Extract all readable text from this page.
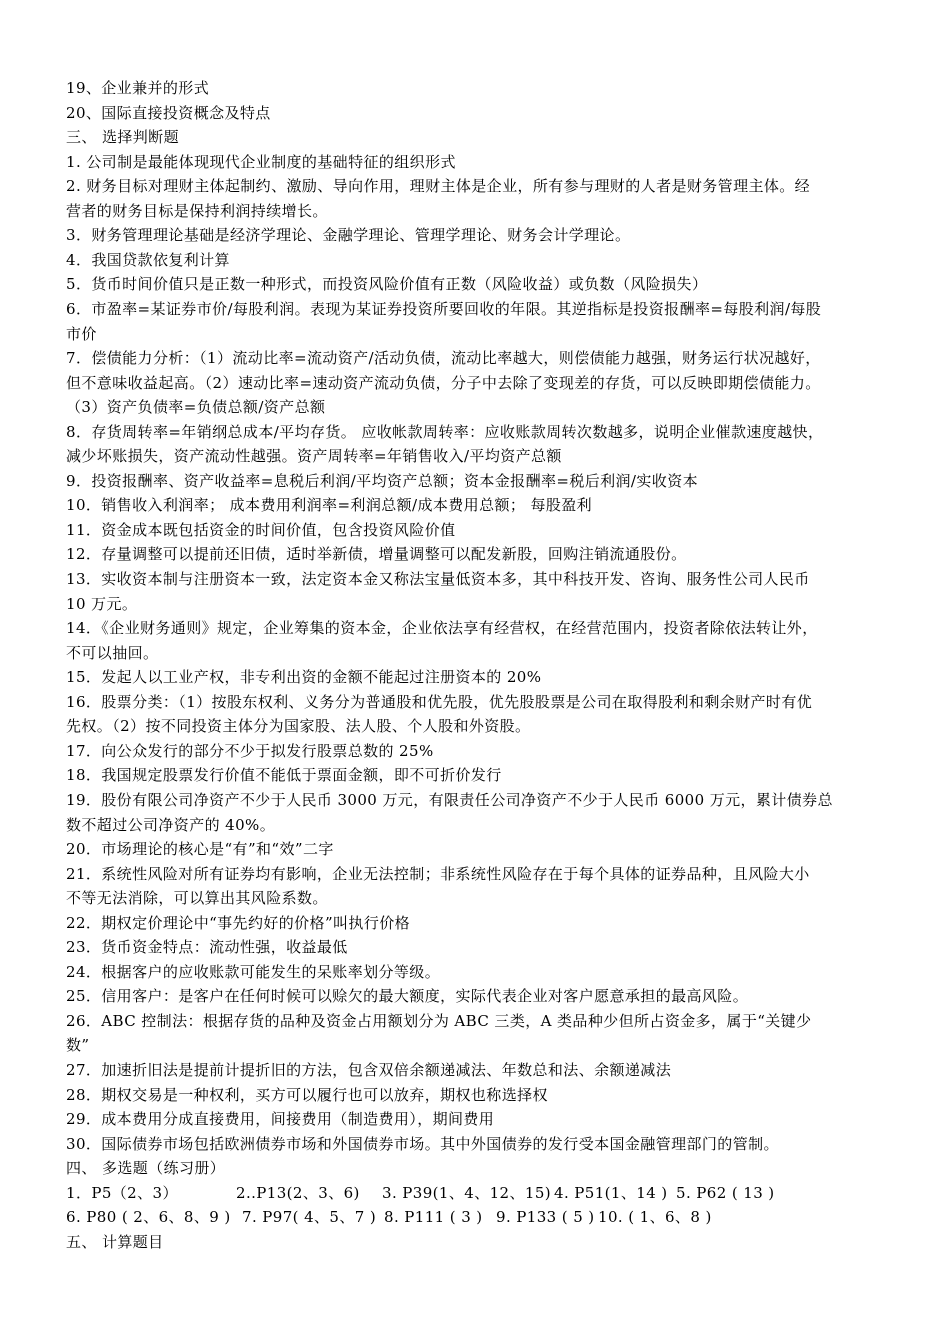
19、企业兼并的形式
20、国际直接投资概念及特点
三、 选择判断题
1. 公司制是最能体现现代企业制度的基础特征的组织形式
2. 财务目标对理财主体起制约、激励、导向作用，理财主体是企业，所有参与理财的人者是财务管理主体。经
营者的财务目标是保持利润持续增长。
3．财务管理理论基础是经济学理论、金融学理论、管理学理论、财务会计学理论。
4．我国贷款依复利计算
5．货币时间价值只是正数一种形式，而投资风险价值有正数（风险收益）或负数（风险损失）
6．市盈率=某证券市价/每股利润。表现为某证券投资所要回收的年限。其逆指标是投资报酬率=每股利润/每股
市价
7．偿债能力分析：（1）流动比率=流动资产/活动负债，流动比率越大，则偿债能力越强，财务运行状况越好，
但不意味收益起高。（2）速动比率=速动资产流动负债，分子中去除了变现差的存货，可以反映即期偿债能力。
（3）资产负债率=负债总额/资产总额
8．存货周转率=年销纲总成本/平均存货。 应收帐款周转率：应收账款周转次数越多，说明企业催款速度越快，
减少坏账损失，资产流动性越强。资产周转率=年销售收入/平均资产总额
9．投资报酬率、资产收益率=息税后利润/平均资产总额；资本金报酬率=税后利润/实收资本
10．销售收入利润率； 成本费用利润率=利润总额/成本费用总额； 每股盈利
11．资金成本既包括资金的时间价值，包含投资风险价值
12．存量调整可以提前还旧债，适时举新债，增量调整可以配发新股，回购注销流通股份。
13．实收资本制与注册资本一致，法定资本金又称法宝量低资本多，其中科技开发、咨询、服务性公司人民币
10 万元。
14．《企业财务通则》规定，企业筹集的资本金，企业依法享有经营权，在经营范围内，投资者除依法转让外，
不可以抽回。
15．发起人以工业产权，非专利出资的金额不能起过注册资本的 20%
16．股票分类：（1）按股东权利、义务分为普通股和优先股，优先股股票是公司在取得股利和剩余财产时有优
先权。（2）按不同投资主体分为国家股、法人股、个人股和外资股。
17．向公众发行的部分不少于拟发行股票总数的 25%
18．我国规定股票发行价值不能低于票面金额，即不可折价发行
19．股份有限公司净资产不少于人民币 3000 万元，有限责任公司净资产不少于人民币 6000 万元，累计债券总
数不超过公司净资产的 40%。
20．市场理论的核心是“有”和“效”二字
21．系统性风险对所有证券均有影响，企业无法控制；非系统性风险存在于每个具体的证券品种，且风险大小
不等无法消除，可以算出其风险系数。
22．期权定价理论中“事先约好的价格”叫执行价格
23．货币资金特点：流动性强，收益最低
24．根据客户的应收账款可能发生的呆账率划分等级。
25．信用客户：是客户在任何时候可以赊欠的最大额度，实际代表企业对客户愿意承担的最高风险。
26．ABC 控制法：根据存货的品种及资金占用额划分为 ABC 三类，A 类品种少但所占资金多，属于“关键少
数”
27．加速折旧法是提前计提折旧的方法，包含双倍余额递减法、年数总和法、余额递减法
28．期权交易是一种权利，买方可以履行也可以放弃，期权也称选择权
29．成本费用分成直接费用，间接费用（制造费用），期间费用
30．国际债券市场包括欧洲债券市场和外国债券市场。其中外国债券的发行受本国金融管理部门的管制。
四、 多选题（练习册）
1．P5（2、3）	2..P13(2、3、6)	3. P39(1、4、12、15) 4. P51(1、14 ) 5. P62 ( 13 )
6. P80 ( 2、6、8、9 ) 7. P97( 4、5、7 ) 8. P111 ( 3 ) 9. P133 ( 5 ) 10. ( 1、6、8 )
五、 计算题目
